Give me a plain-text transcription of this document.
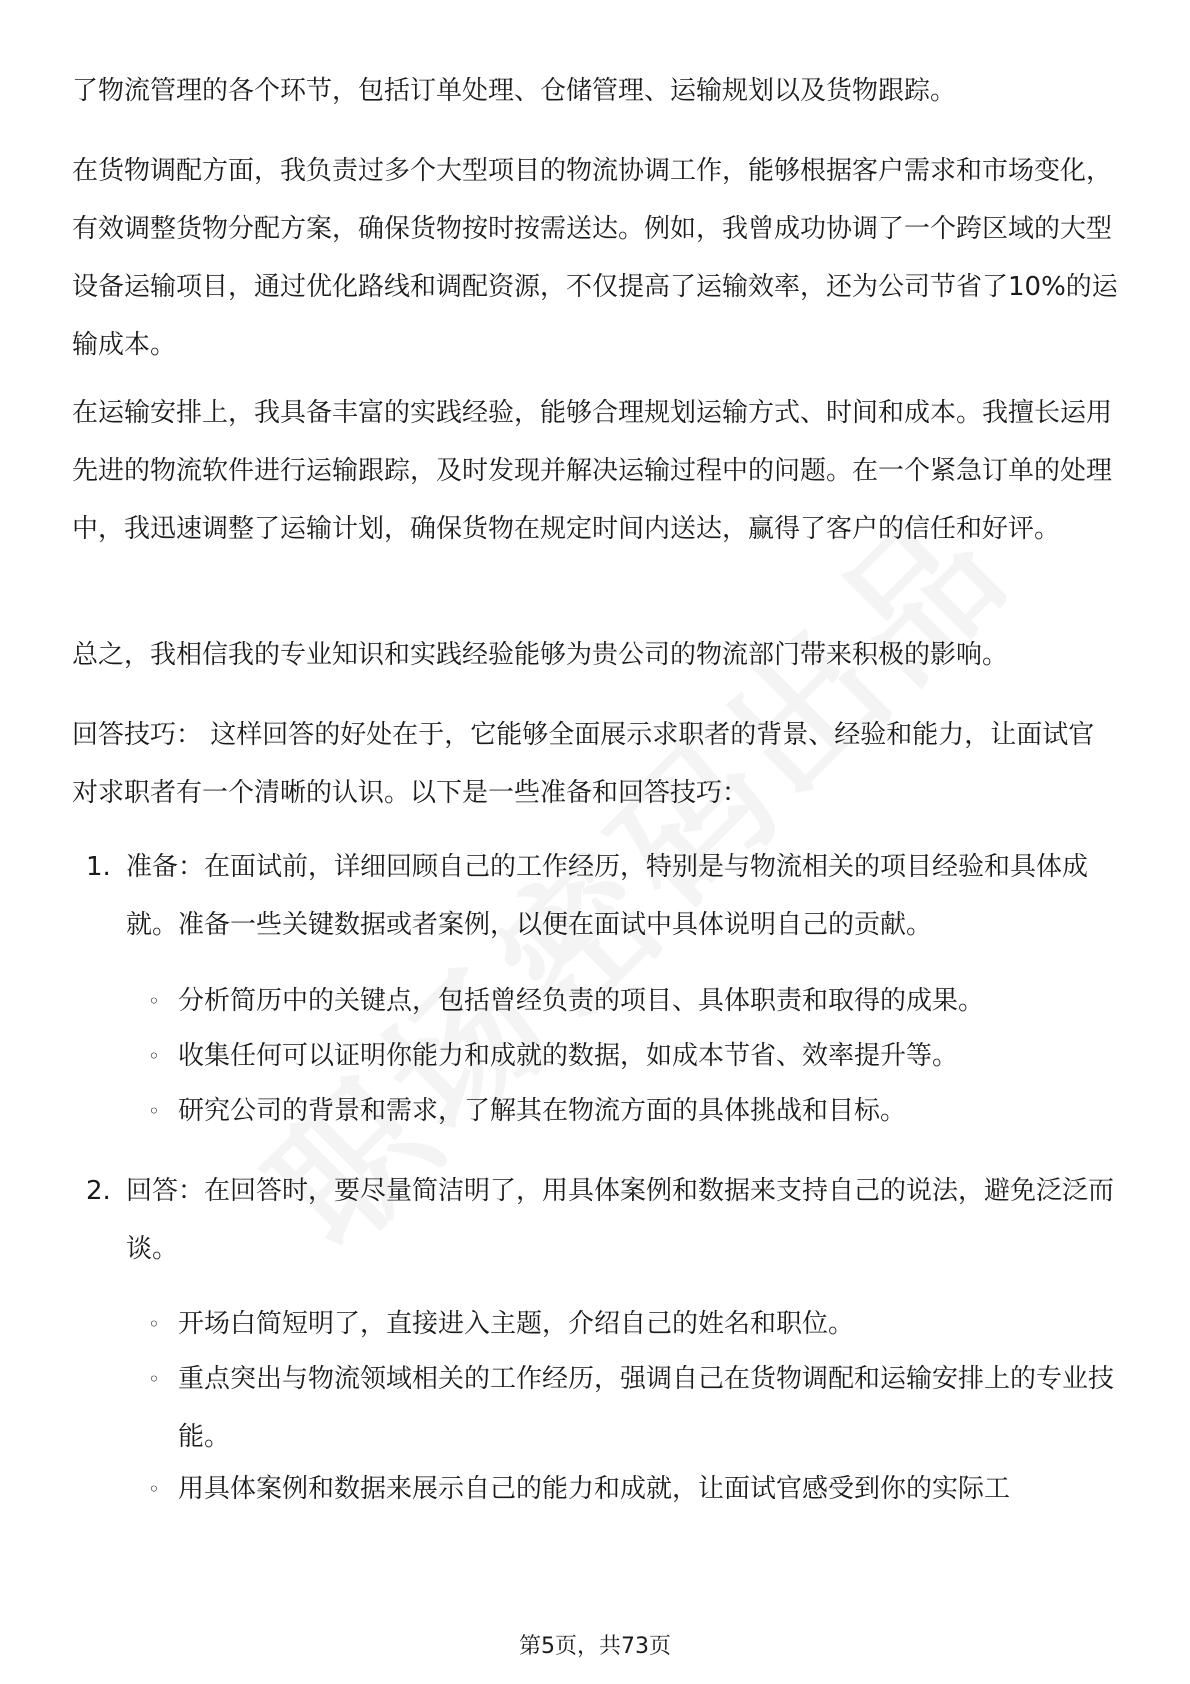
了物流管理的各个环节，包括订单处理、仓储管理、运输规划以及货物跟踪。

在货物调配方面，我负责过多个大型项目的物流协调工作，能够根据客户需求和市场变化，有效调整货物分配方案，确保货物按时按需送达。例如，我曾成功协调了一个跨区域的大型设备运输项目，通过优化路线和调配资源，不仅提高了运输效率，还为公司节省了10%的运输成本。

在运输安排上，我具备丰富的实践经验，能够合理规划运输方式、时间和成本。我擅长运用先进的物流软件进行运输跟踪，及时发现并解决运输过程中的问题。在一个紧急订单的处理中，我迅速调整了运输计划，确保货物在规定时间内送达，赢得了客户的信任和好评。

总之，我相信我的专业知识和实践经验能够为贵公司的物流部门带来积极的影响。

回答技巧： 这样回答的好处在于，它能够全面展示求职者的背景、经验和能力，让面试官对求职者有一个清晰的认识。以下是一些准备和回答技巧：

1. 准备：在面试前，详细回顾自己的工作经历，特别是与物流相关的项目经验和具体成就。准备一些关键数据或者案例，以便在面试中具体说明自己的贡献。
◦ 分析简历中的关键点，包括曾经负责的项目、具体职责和取得的成果。
◦ 收集任何可以证明你能力和成就的数据，如成本节省、效率提升等。
◦ 研究公司的背景和需求，了解其在物流方面的具体挑战和目标。
2. 回答：在回答时，要尽量简洁明了，用具体案例和数据来支持自己的说法，避免泛泛而谈。
◦ 开场白简短明了，直接进入主题，介绍自己的姓名和职位。
◦ 重点突出与物流领域相关的工作经历，强调自己在货物调配和运输安排上的专业技能。
◦ 用具体案例和数据来展示自己的能力和成就，让面试官感受到你的实际工
第5页，共73页
